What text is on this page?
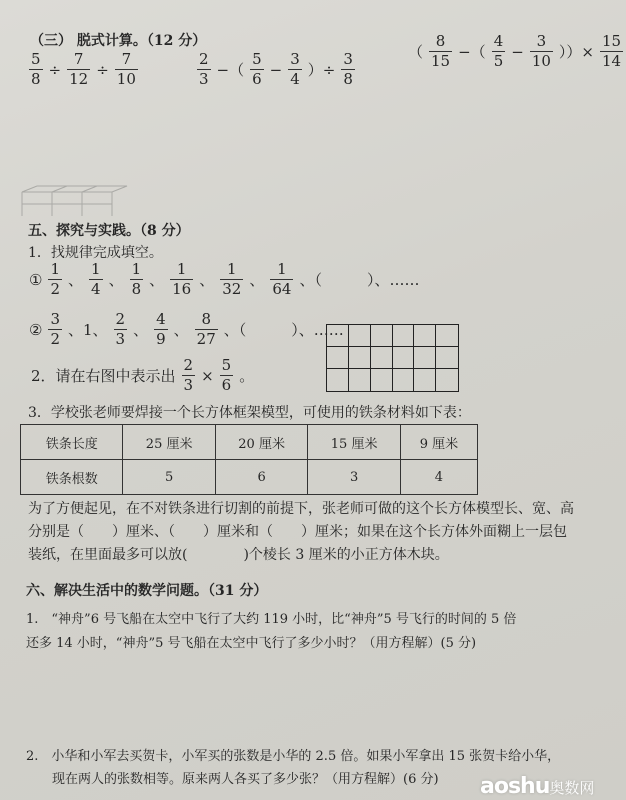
（三） 脱式计算。（12 分）
$\frac{5}{8} \div \frac{7}{12} \div \frac{7}{10}$	$\frac{2}{3}$ −（ $\frac{5}{6} - \frac{3}{4}$ ）÷ $\frac{3}{8}$	（ $\frac{8}{15}$ −（ $\frac{4}{5} - \frac{3}{10}$ ））× $\frac{15}{14}$
五、探究与实践。（8 分）
1．找规律完成填空。
① $\frac{1}{2}$ 、 $\frac{1}{4}$ 、 $\frac{1}{8}$ 、 $\frac{1}{16}$ 、 $\frac{1}{32}$ 、 $\frac{1}{64}$ 、（　　　）、……
② $\frac{3}{2}$ 、1、 $\frac{2}{3}$ 、 $\frac{4}{9}$ 、 $\frac{8}{27}$ 、（　　　）、……
2．请在右图中表示出 $\frac{2}{3} \times \frac{5}{6}$ 。
3．学校张老师要焊接一个长方体框架模型，可使用的铁条材料如下表：
铁条长度	25 厘米	20 厘米	15 厘米	9 厘米
铁条根数	5	6	3	4
为了方便起见，在不对铁条进行切割的前提下，张老师可做的这个长方体模型长、宽、高
分别是（　　）厘米、（　　）厘米和（　　）厘米；如果在这个长方体外面糊上一层包
装纸，在里面最多可以放(　　　　)个棱长 3 厘米的小正方体木块。
六、解决生活中的数学问题。（31 分）
1.　“神舟”6 号飞船在太空中飞行了大约 119 小时，比“神舟”5 号飞行的时间的 5 倍
还多 14 小时，“神舟”5 号飞船在太空中飞行了多少小时？（用方程解）(5 分)
2.　小华和小军去买贺卡，小军买的张数是小华的 2.5 倍。如果小军拿出 15 张贺卡给小华，
　　现在两人的张数相等。原来两人各买了多少张？（用方程解）(6 分) aoshu奥数网
